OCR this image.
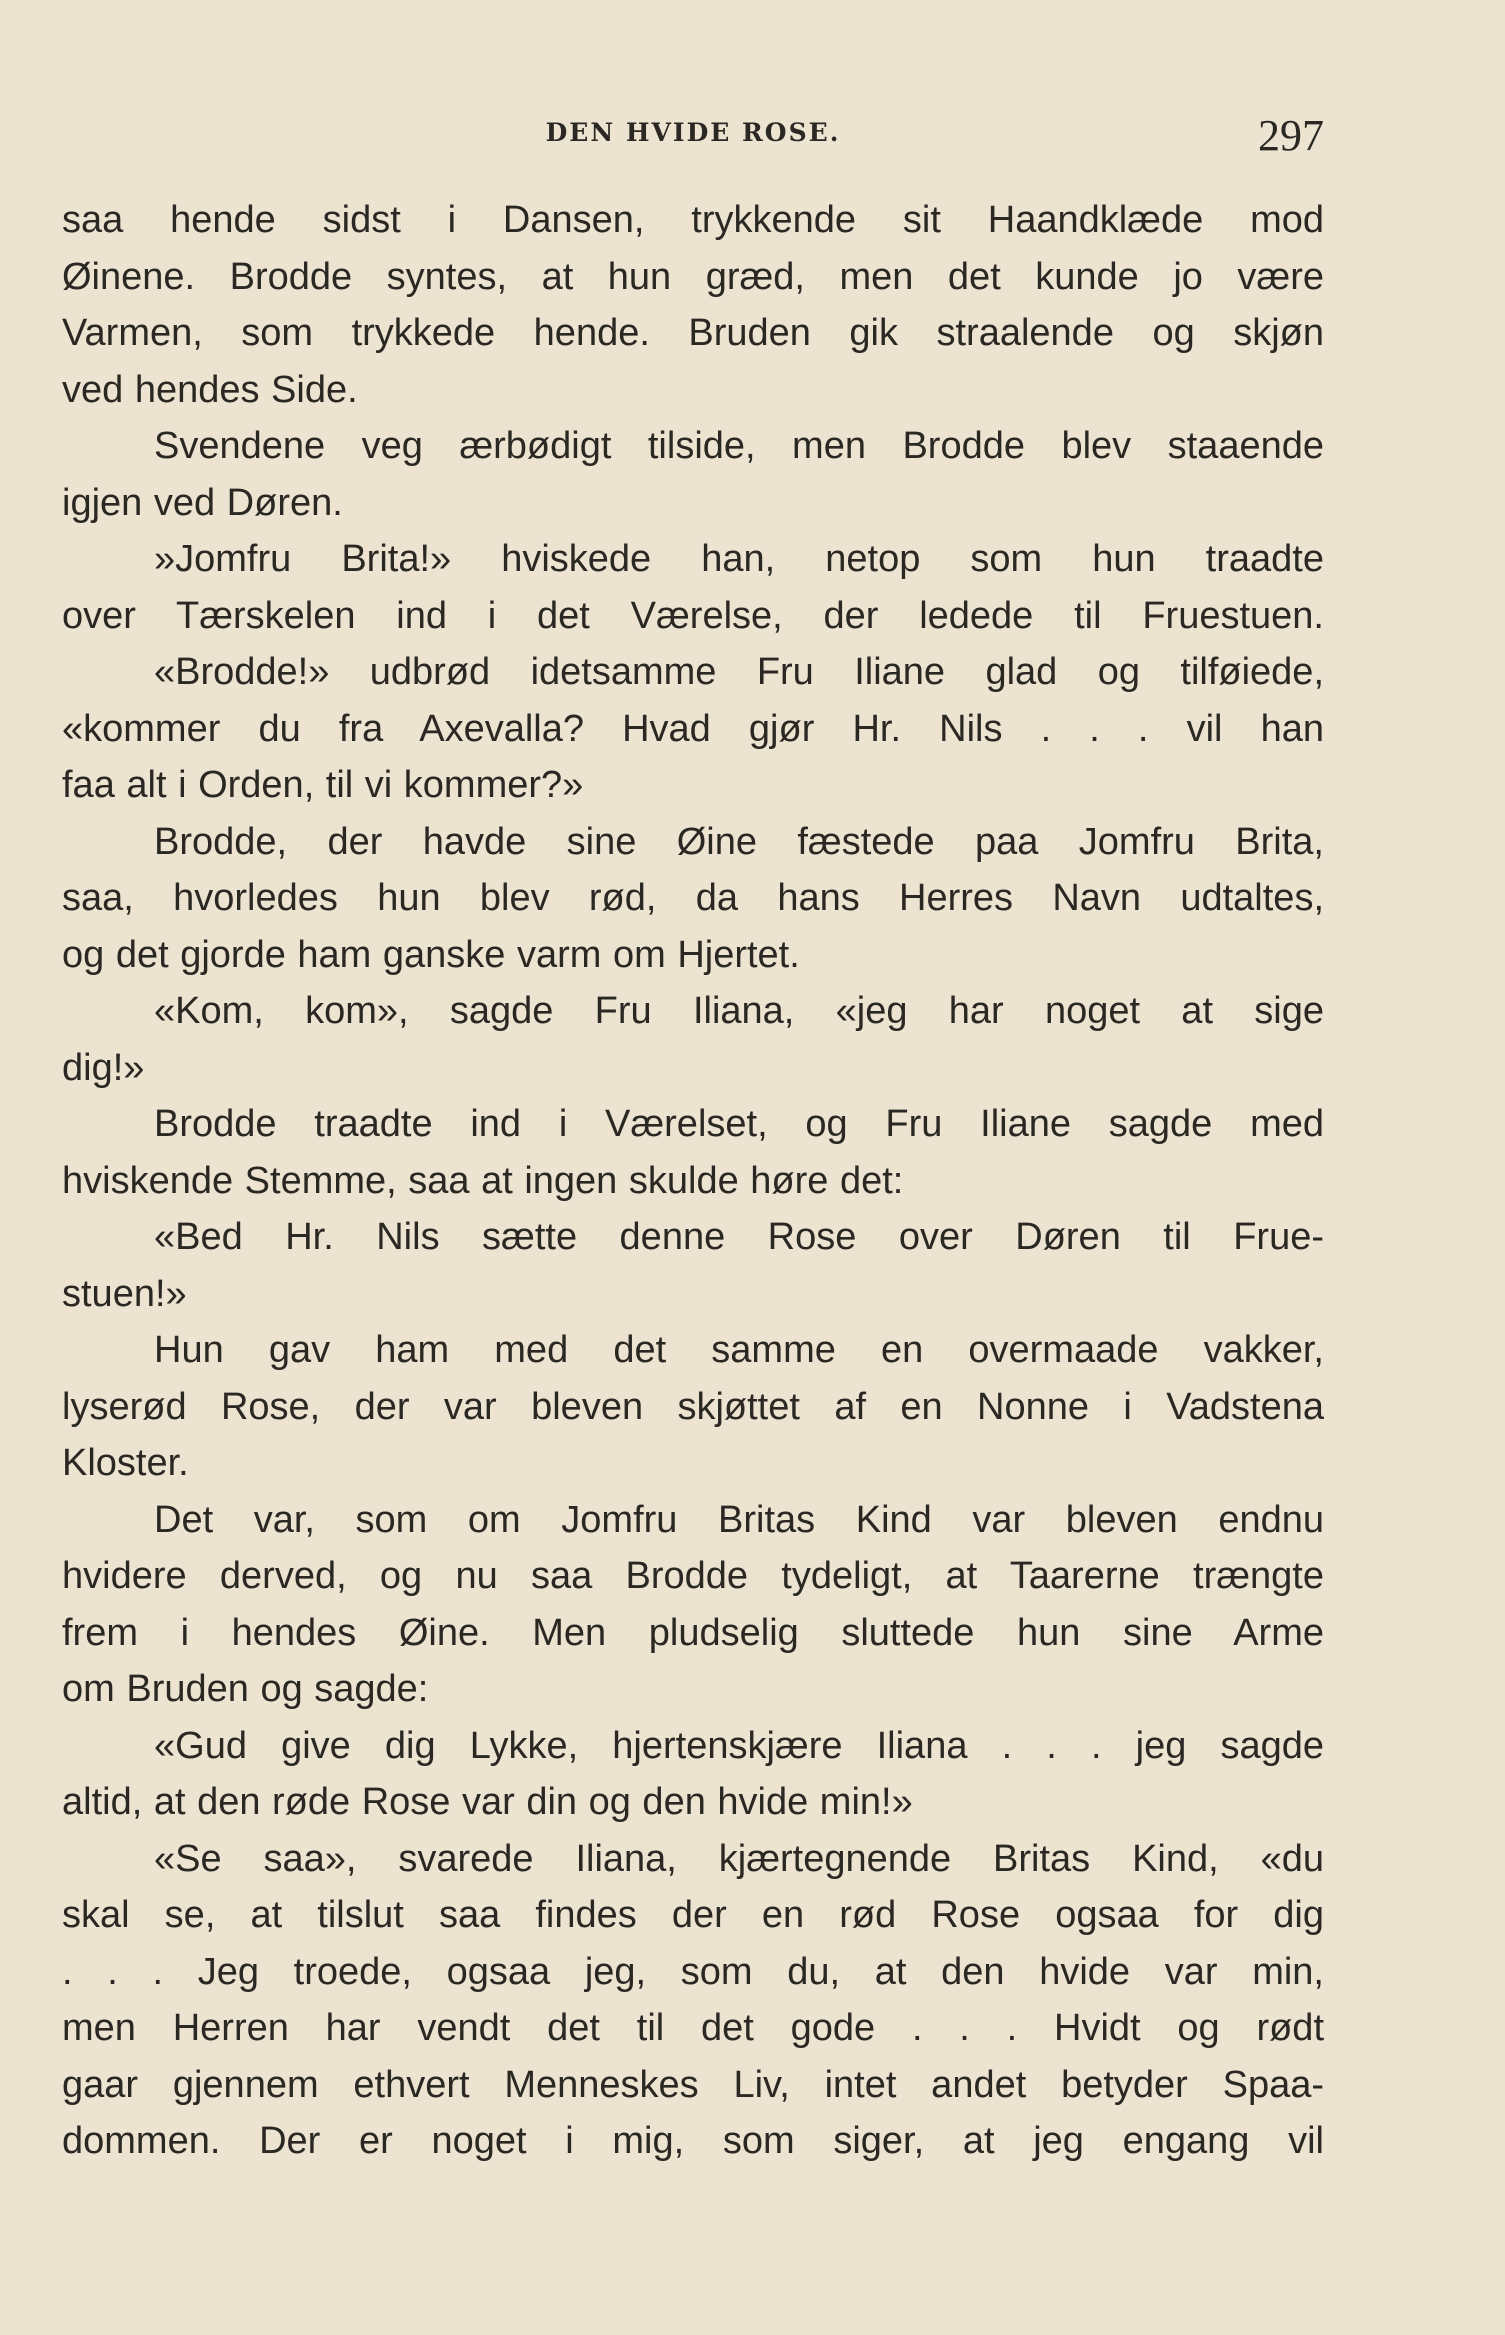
DEN HVIDE ROSE.	297
saa hende sidst i Dansen, trykkende sit Haandklæde mod
Øinene. Brodde syntes, at hun græd, men det kunde jo være
Varmen, som trykkede hende. Bruden gik straalende og skjøn
ved hendes Side.
Svendene veg ærbødigt tilside, men Brodde blev staaende
igjen ved Døren.
»Jomfru Brita!» hviskede han, netop som hun traadte
over Tærskelen ind i det Værelse, der ledede til Fruestuen.
«Brodde!» udbrød idetsamme Fru Iliane glad og tilføiede,
«kommer du fra Axevalla? Hvad gjør Hr. Nils . . . vil han
faa alt i Orden, til vi kommer?»
Brodde, der havde sine Øine fæstede paa Jomfru Brita,
saa, hvorledes hun blev rød, da hans Herres Navn udtaltes,
og det gjorde ham ganske varm om Hjertet.
«Kom, kom», sagde Fru Iliana, «jeg har noget at sige
dig!»
Brodde traadte ind i Værelset, og Fru Iliane sagde med
hviskende Stemme, saa at ingen skulde høre det:
«Bed Hr. Nils sætte denne Rose over Døren til Frue-
stuen!»
Hun gav ham med det samme en overmaade vakker,
lyserød Rose, der var bleven skjøttet af en Nonne i Vadstena
Kloster.
Det var, som om Jomfru Britas Kind var bleven endnu
hvidere derved, og nu saa Brodde tydeligt, at Taarerne trængte
frem i hendes Øine. Men pludselig sluttede hun sine Arme
om Bruden og sagde:
«Gud give dig Lykke, hjertenskjære Iliana . . . jeg sagde
altid, at den røde Rose var din og den hvide min!»
«Se saa», svarede Iliana, kjærtegnende Britas Kind, «du
skal se, at tilslut saa findes der en rød Rose ogsaa for dig
. . . Jeg troede, ogsaa jeg, som du, at den hvide var min,
men Herren har vendt det til det gode . . . Hvidt og rødt
gaar gjennem ethvert Menneskes Liv, intet andet betyder Spaa-
dommen. Der er noget i mig, som siger, at jeg engang vil
